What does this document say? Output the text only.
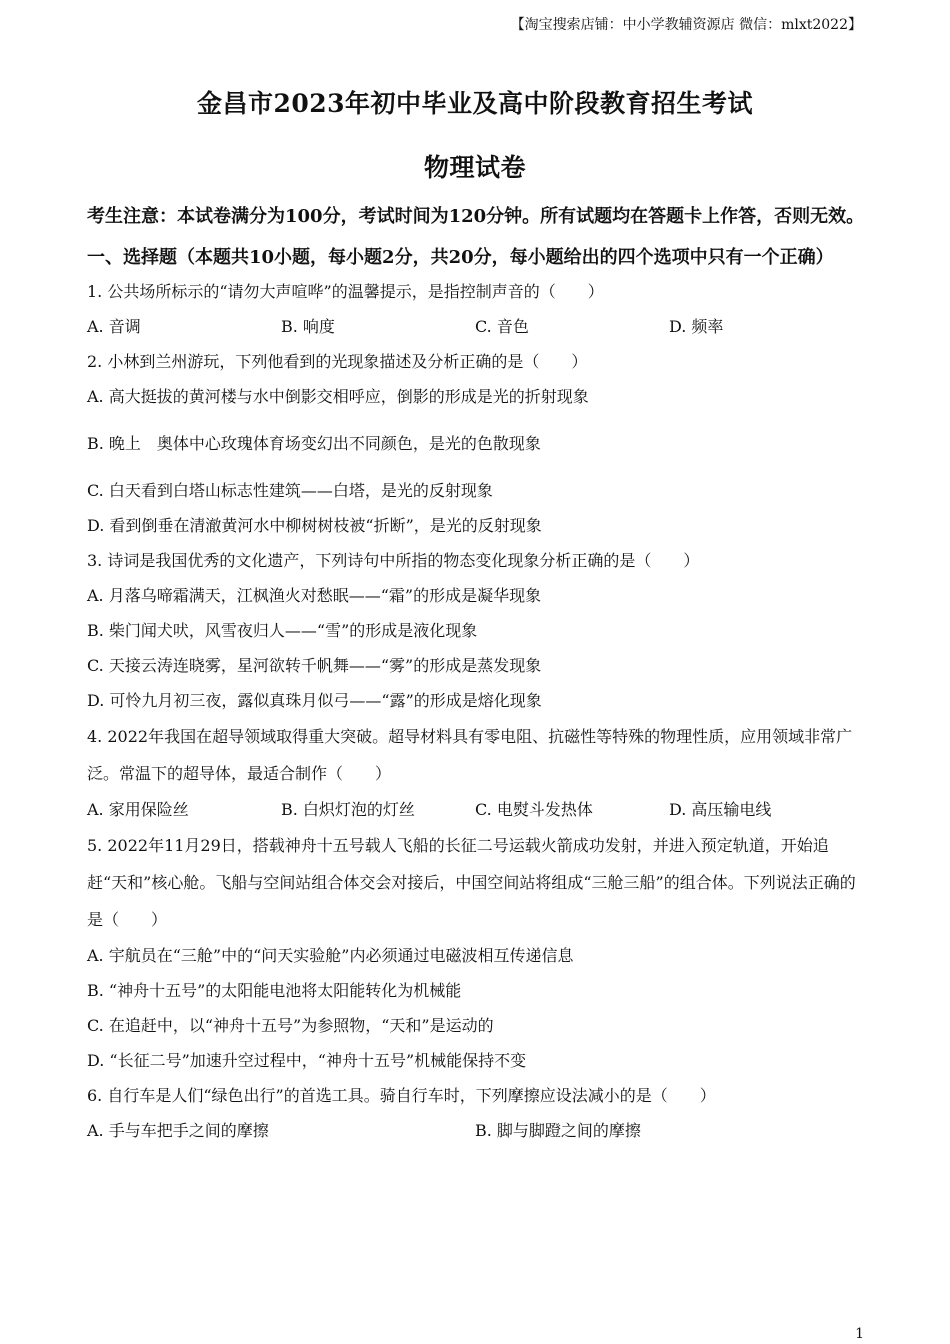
【淘宝搜索店铺：中小学教辅资源店 微信：mlxt2022】
金昌市2023年初中毕业及高中阶段教育招生考试
物理试卷

考生注意：本试卷满分为100分，考试时间为120分钟。所有试题均在答题卡上作答，否则无效。

一、选择题（本题共10小题，每小题2分，共20分，每小题给出的四个选项中只有一个正确）

1. 公共场所标示的“请勿大声喧哗”的温馨提示，是指控制声音的（　　）

A. 音调	B. 响度	C. 音色	D. 频率

2. 小林到兰州游玩，下列他看到的光现象描述及分析正确的是（　　）

A. 高大挺拔的黄河楼与水中倒影交相呼应，倒影的形成是光的折射现象

B. 晚上　奥体中心玫瑰体育场变幻出不同颜色，是光的色散现象

C. 白天看到白塔山标志性建筑——白塔，是光的反射现象

D. 看到倒垂在清澈黄河水中柳树树枝被“折断”，是光的反射现象

3. 诗词是我国优秀的文化遗产，下列诗句中所指的物态变化现象分析正确的是（　　）

A. 月落乌啼霜满天，江枫渔火对愁眠——“霜”的形成是凝华现象

B. 柴门闻犬吠，风雪夜归人——“雪”的形成是液化现象

C. 天接云涛连晓雾，星河欲转千帆舞——“雾”的形成是蒸发现象

D. 可怜九月初三夜，露似真珠月似弓——“露”的形成是熔化现象

4. 2022年我国在超导领域取得重大突破。超导材料具有零电阻、抗磁性等特殊的物理性质，应用领域非常广泛。常温下的超导体，最适合制作（　　）

A. 家用保险丝	B. 白炽灯泡的灯丝	C. 电熨斗发热体	D. 高压输电线

5. 2022年11月29日，搭载神舟十五号载人飞船的长征二号运载火箭成功发射，并进入预定轨道，开始追赶“天和”核心舱。飞船与空间站组合体交会对接后，中国空间站将组成“三舱三船”的组合体。下列说法正确的是（　　）

A. 宇航员在“三舱”中的“问天实验舱”内必须通过电磁波相互传递信息

B. “神舟十五号”的太阳能电池将太阳能转化为机械能

C. 在追赶中，以“神舟十五号”为参照物，“天和”是运动的

D. “长征二号”加速升空过程中，“神舟十五号”机械能保持不变

6. 自行车是人们“绿色出行”的首选工具。骑自行车时，下列摩擦应设法减小的是（　　）

A. 手与车把手之间的摩擦	B. 脚与脚蹬之间的摩擦
1
